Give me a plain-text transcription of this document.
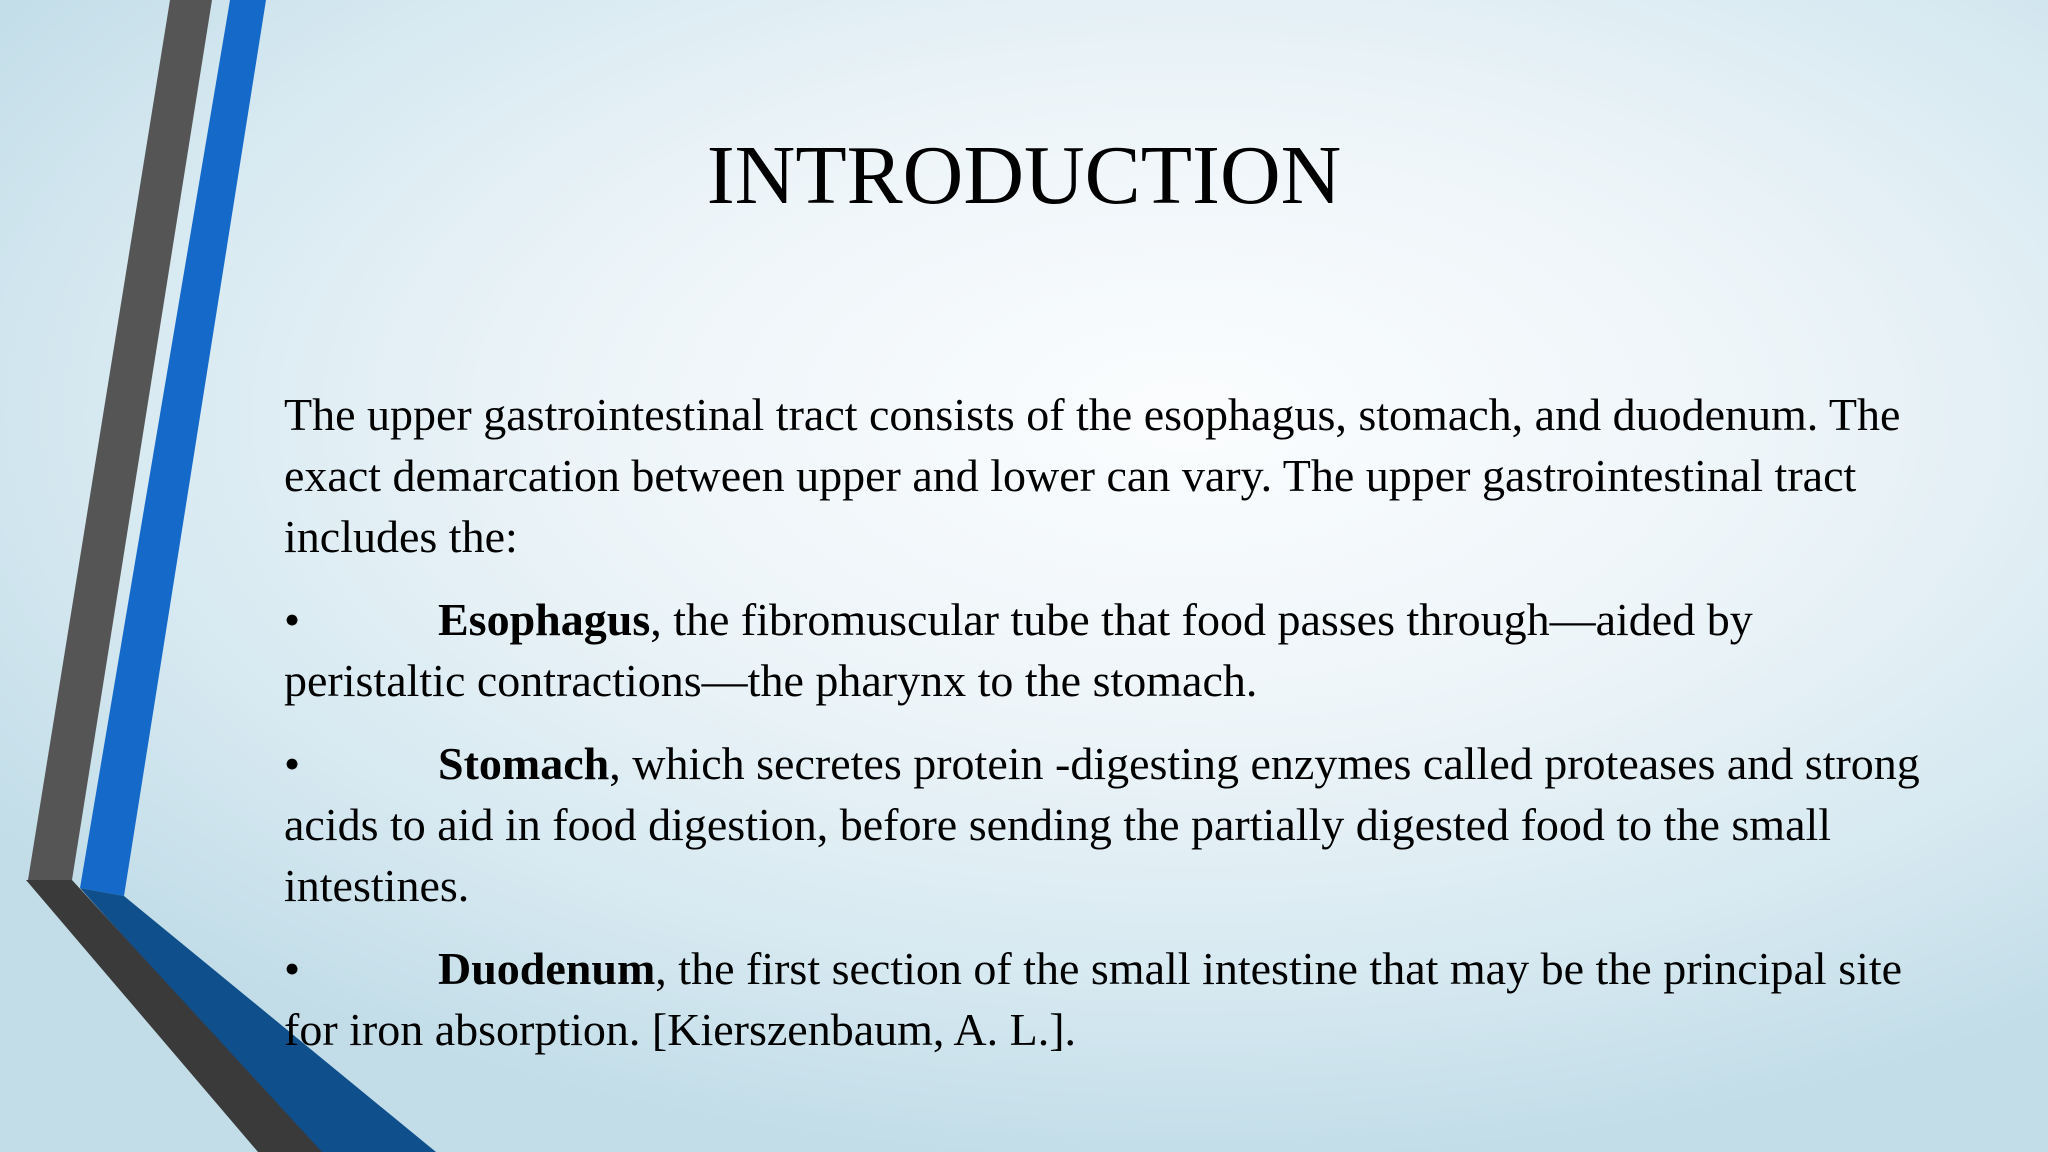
INTRODUCTION

The upper gastrointestinal tract consists of the esophagus, stomach, and duodenum. The exact demarcation between upper and lower can vary. The upper gastrointestinal tract includes the:

•	Esophagus, the fibromuscular tube that food passes through—aided by peristaltic contractions—the pharynx to the stomach.

•	Stomach, which secretes protein -digesting enzymes called proteases and strong acids to aid in food digestion, before sending the partially digested food to the small intestines.

•	Duodenum, the first section of the small intestine that may be the principal site for iron absorption. [Kierszenbaum, A. L.].
